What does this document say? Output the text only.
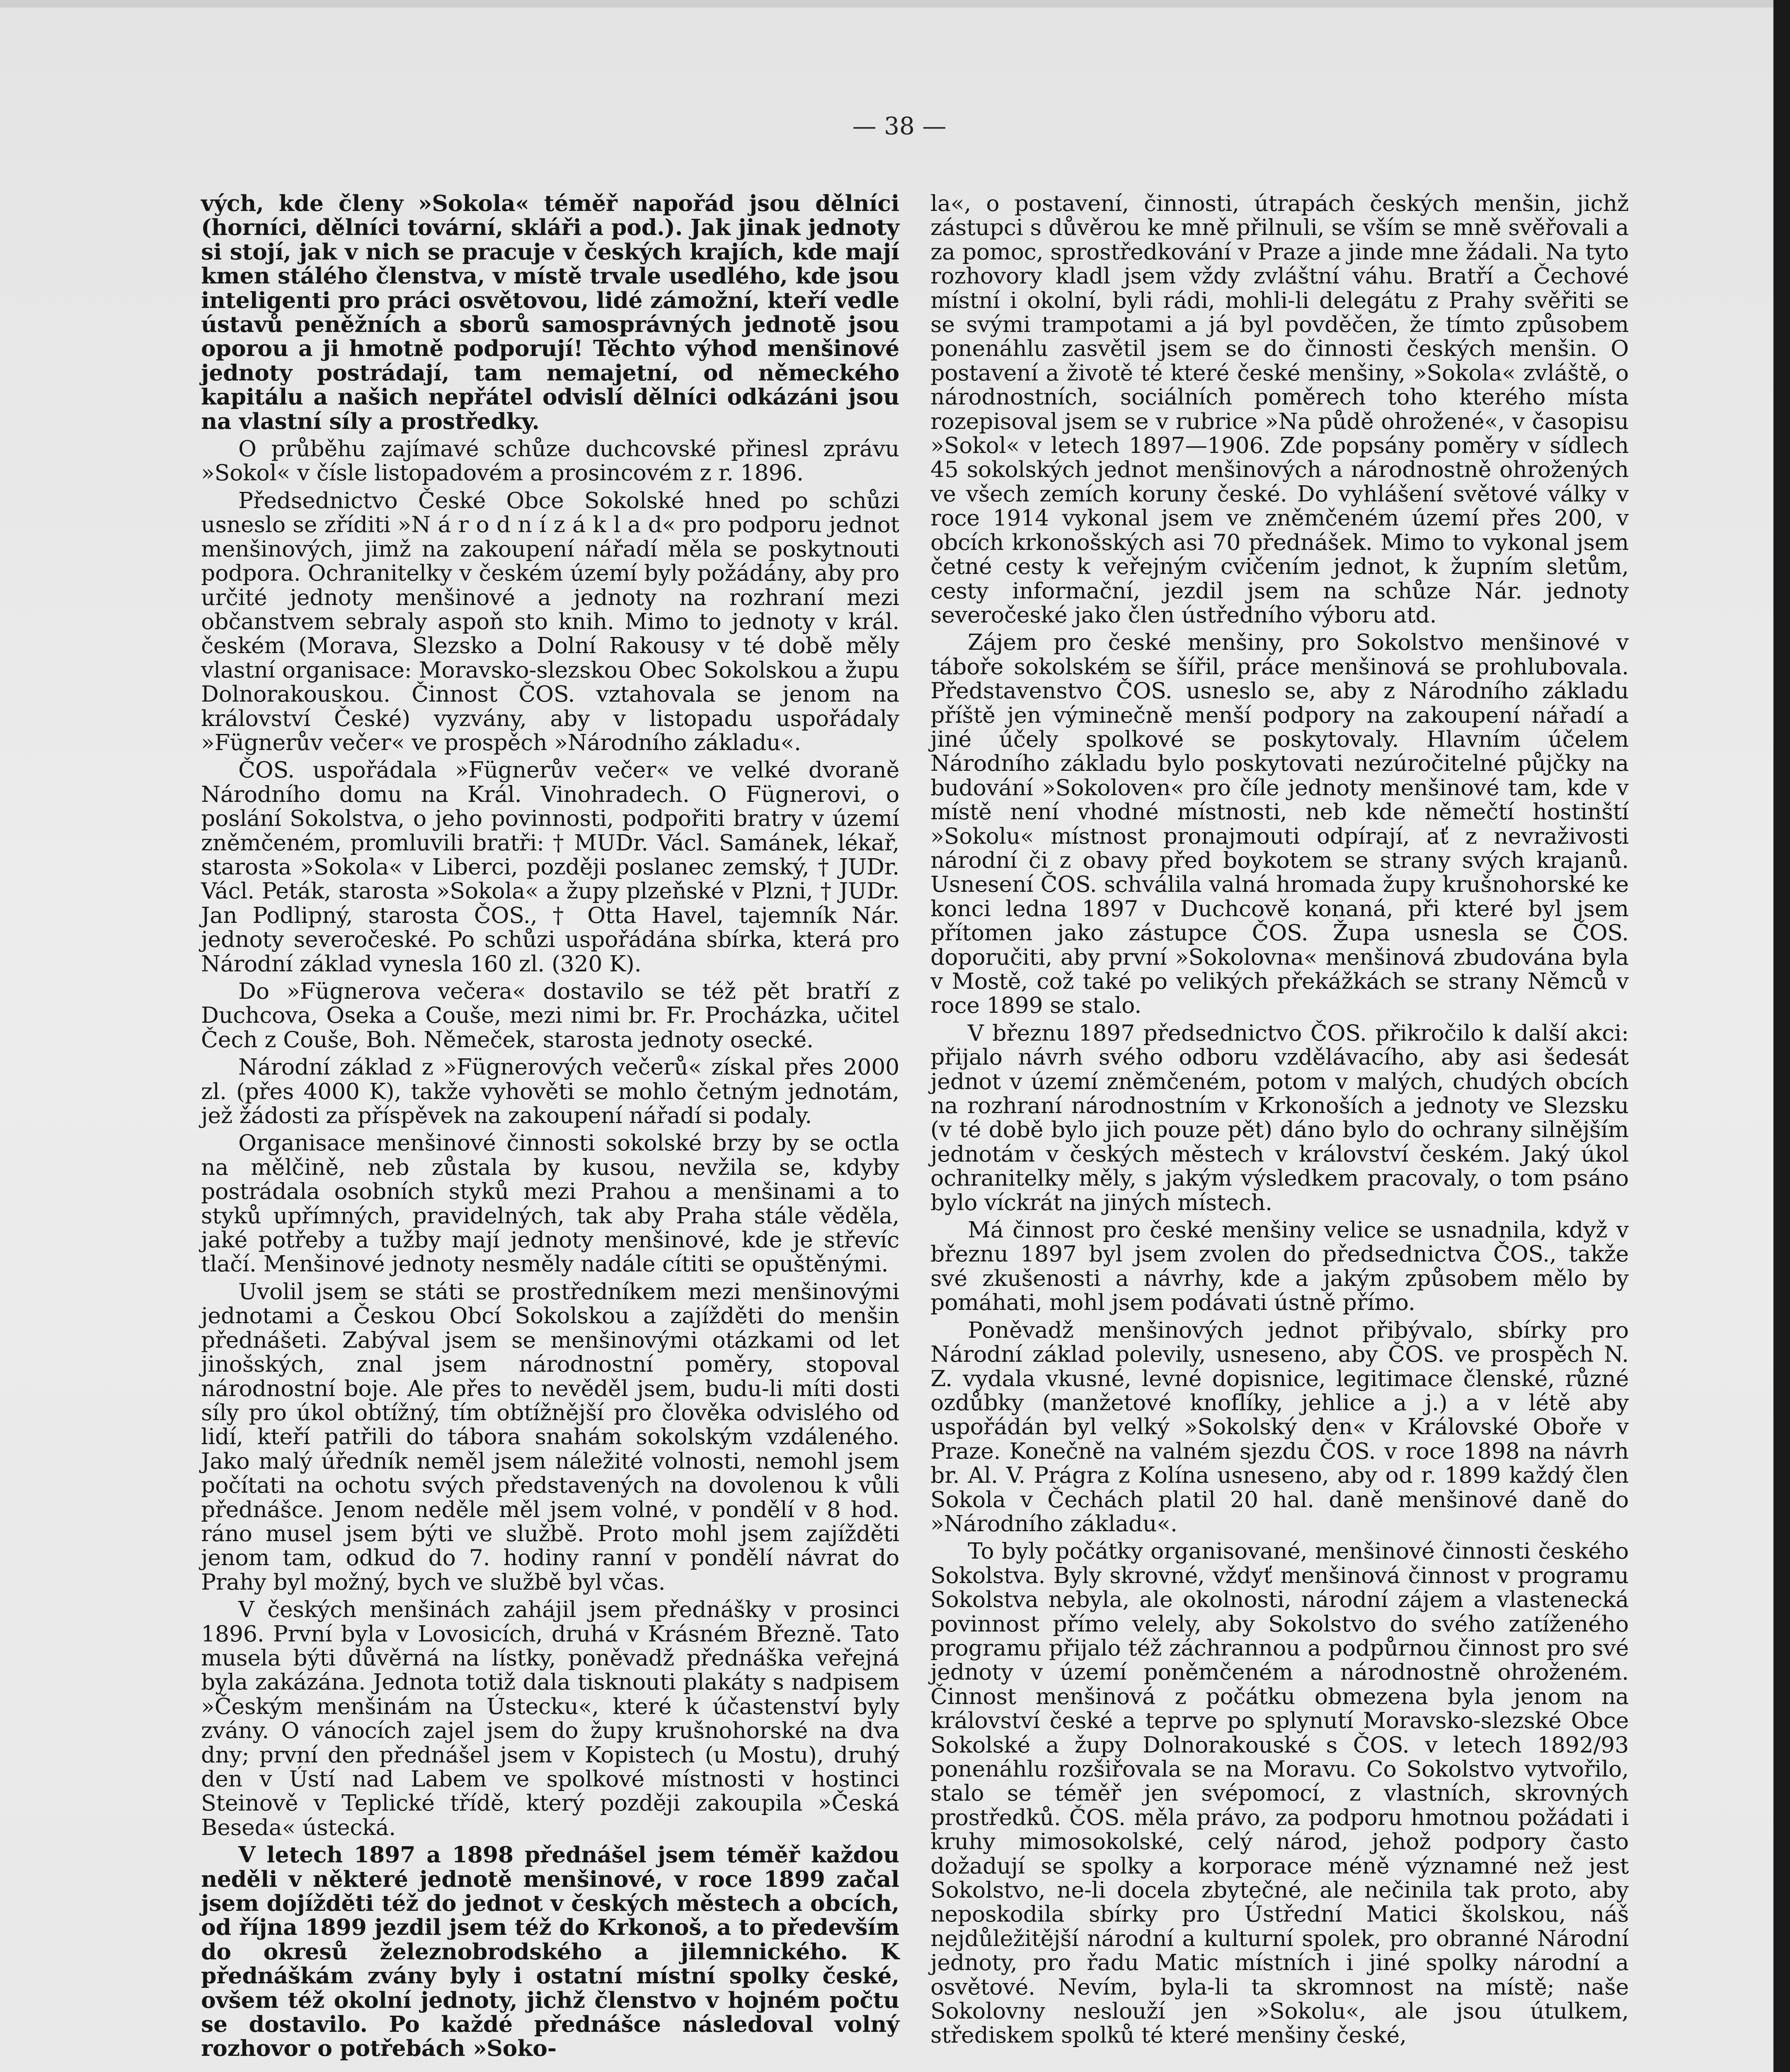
— 38 —

vých, kde členy »Sokola« téměř napořád jsou dělníci (horníci, dělníci tovární, skláři a pod.). Jak jinak jednoty si stojí, jak v nich se pracuje v českých krajích, kde mají kmen stálého členstva, v místě trvale usedlého, kde jsou inteligenti pro práci osvětovou, lidé zámožní, kteří vedle ústavů peněžních a sborů samosprávných jednotě jsou oporou a ji hmotně podporují! Těchto výhod menšinové jednoty postrádají, tam nemajetní, od německého kapitálu a našich nepřátel odvislí dělníci odkázáni jsou na vlastní síly a prostředky.

O průběhu zajímavé schůze duchcovské přinesl zprávu »Sokol« v čísle listopadovém a prosincovém z r. 1896.

Předsednictvo České Obce Sokolské hned po schůzi usneslo se zříditi »N á r o d n í z á k l a d« pro podporu jednot menšinových, jimž na zakoupení nářadí měla se poskytnouti podpora. Ochranitelky v českém území byly požádány, aby pro určité jednoty menšinové a jednoty na rozhraní mezi občanstvem sebraly aspoň sto knih. Mimo to jednoty v král. českém (Morava, Slezsko a Dolní Rakousy v té době měly vlastní organisace: Moravsko-slezskou Obec Sokolskou a župu Dolnorakouskou. Činnost ČOS. vztahovala se jenom na království České) vyzvány, aby v listopadu uspořádaly »Fügnerův večer« ve prospěch »Národního základu«.

ČOS. uspořádala »Fügnerův večer« ve velké dvoraně Národního domu na Král. Vinohradech. O Fügnerovi, o poslání Sokolstva, o jeho povinnosti, podpořiti bratry v území zněmčeném, promluvili bratři: † MUDr. Václ. Samánek, lékař, starosta »Sokola« v Liberci, později poslanec zemský, † JUDr. Václ. Peták, starosta »Sokola« a župy plzeňské v Plzni, † JUDr. Jan Podlipný, starosta ČOS., † Otta Havel, tajemník Nár. jednoty severočeské. Po schůzi uspořádána sbírka, která pro Národní základ vynesla 160 zl. (320 K).

Do »Fügnerova večera« dostavilo se též pět bratří z Duchcova, Oseka a Couše, mezi nimi br. Fr. Procházka, učitel Čech z Couše, Boh. Němeček, starosta jednoty osecké.

Národní základ z »Fügnerových večerů« získal přes 2000 zl. (přes 4000 K), takže vyhověti se mohlo četným jednotám, jež žádosti za příspěvek na zakoupení nářadí si podaly.

Organisace menšinové činnosti sokolské brzy by se octla na mělčině, neb zůstala by kusou, nevžila se, kdyby postrádala osobních styků mezi Prahou a menšinami a to styků upřímných, pravidelných, tak aby Praha stále věděla, jaké potřeby a tužby mají jednoty menšinové, kde je střevíc tlačí. Menšinové jednoty nesměly nadále cítiti se opuštěnými.

Uvolil jsem se státi se prostředníkem mezi menšinovými jednotami a Českou Obcí Sokolskou a zajížděti do menšin přednášeti. Zabýval jsem se menšinovými otázkami od let jinošských, znal jsem národnostní poměry, stopoval národnostní boje. Ale přes to nevěděl jsem, budu-li míti dosti síly pro úkol obtížný, tím obtížnější pro člověka odvislého od lidí, kteří patřili do tábora snahám sokolským vzdáleného. Jako malý úředník neměl jsem náležité volnosti, nemohl jsem počítati na ochotu svých představených na dovolenou k vůli přednášce. Jenom neděle měl jsem volné, v pondělí v 8 hod. ráno musel jsem býti ve službě. Proto mohl jsem zajížděti jenom tam, odkud do 7. hodiny ranní v pondělí návrat do Prahy byl možný, bych ve službě byl včas.

V českých menšinách zahájil jsem přednášky v prosinci 1896. První byla v Lovosicích, druhá v Krásném Březně. Tato musela býti důvěrná na lístky, poněvadž přednáška veřejná byla zakázána. Jednota totiž dala tisknouti plakáty s nadpisem »Českým menšinám na Ústecku«, které k účastenství byly zvány. O vánocích zajel jsem do župy krušnohorské na dva dny; první den přednášel jsem v Kopistech (u Mostu), druhý den v Ústí nad Labem ve spolkové místnosti v hostinci Steinově v Teplické třídě, který později zakoupila »Česká Beseda« ústecká.

V letech 1897 a 1898 přednášel jsem téměř každou neděli v některé jednotě menšinové, v roce 1899 začal jsem dojížděti též do jednot v českých městech a obcích, od října 1899 jezdil jsem též do Krkonoš, a to především do okresů železnobrodského a jilemnického. K přednáškám zvány byly i ostatní místní spolky české, ovšem též okolní jednoty, jichž členstvo v hojném počtu se dostavilo. Po každé přednášce následoval volný rozhovor o potřebách »Soko-

la«, o postavení, činnosti, útrapách českých menšin, jichž zástupci s důvěrou ke mně přilnuli, se vším se mně svěřovali a za pomoc, sprostředkování v Praze a jinde mne žádali. Na tyto rozhovory kladl jsem vždy zvláštní váhu. Bratří a Čechové místní i okolní, byli rádi, mohli-li delegátu z Prahy svěřiti se se svými trampotami a já byl povděčen, že tímto způsobem ponenáhlu zasvětil jsem se do činnosti českých menšin. O postavení a životě té které české menšiny, »Sokola« zvláště, o národnostních, sociálních poměrech toho kterého místa rozepisoval jsem se v rubrice »Na půdě ohrožené«, v časopisu »Sokol« v letech 1897—1906. Zde popsány poměry v sídlech 45 sokolských jednot menšinových a národnostně ohrožených ve všech zemích koruny české. Do vyhlášení světové války v roce 1914 vykonal jsem ve zněmčeném území přes 200, v obcích krkonošských asi 70 přednášek. Mimo to vykonal jsem četné cesty k veřejným cvičením jednot, k župním sletům, cesty informační, jezdil jsem na schůze Nár. jednoty severočeské jako člen ústředního výboru atd.

Zájem pro české menšiny, pro Sokolstvo menšinové v táboře sokolském se šířil, práce menšinová se prohlubovala. Představenstvo ČOS. usneslo se, aby z Národního základu příště jen výminečně menší podpory na zakoupení nářadí a jiné účely spolkové se poskytovaly. Hlavním účelem Národního základu bylo poskytovati nezúročitelné půjčky na budování »Sokoloven« pro číle jednoty menšinové tam, kde v místě není vhodné místnosti, neb kde němečtí hostinští »Sokolu« místnost pronajmouti odpírají, ať z nevraživosti národní či z obavy před boykotem se strany svých krajanů. Usnesení ČOS. schválila valná hromada župy krušnohorské ke konci ledna 1897 v Duchcově konaná, při které byl jsem přítomen jako zástupce ČOS. Župa usnesla se ČOS. doporučiti, aby první »Sokolovna« menšinová zbudována byla v Mostě, což také po velikých překážkách se strany Němců v roce 1899 se stalo.

V březnu 1897 předsednictvo ČOS. přikročilo k další akci: přijalo návrh svého odboru vzdělávacího, aby asi šedesát jednot v území zněmčeném, potom v malých, chudých obcích na rozhraní národnostním v Krkonoších a jednoty ve Slezsku (v té době bylo jich pouze pět) dáno bylo do ochrany silnějším jednotám v českých městech v království českém. Jaký úkol ochranitelky měly, s jakým výsledkem pracovaly, o tom psáno bylo víckrát na jiných místech.

Má činnost pro české menšiny velice se usnadnila, když v březnu 1897 byl jsem zvolen do předsednictva ČOS., takže své zkušenosti a návrhy, kde a jakým způsobem mělo by pomáhati, mohl jsem podávati ústně přímo.

Poněvadž menšinových jednot přibývalo, sbírky pro Národní základ polevily, usneseno, aby ČOS. ve prospěch N. Z. vydala vkusné, levné dopisnice, legitimace členské, různé ozdůbky (manžetové knoflíky, jehlice a j.) a v létě aby uspořádán byl velký »Sokolský den« v Královské Oboře v Praze. Konečně na valném sjezdu ČOS. v roce 1898 na návrh br. Al. V. Prágra z Kolína usneseno, aby od r. 1899 každý člen Sokola v Čechách platil 20 hal. daně menšinové daně do »Národního základu«.

To byly počátky organisované, menšinové činnosti českého Sokolstva. Byly skrovné, vždyť menšinová činnost v programu Sokolstva nebyla, ale okolnosti, národní zájem a vlastenecká povinnost přímo velely, aby Sokolstvo do svého zatíženého programu přijalo též záchrannou a podpůrnou činnost pro své jednoty v území poněmčeném a národnostně ohroženém. Činnost menšinová z počátku obmezena byla jenom na království české a teprve po splynutí Moravsko-slezské Obce Sokolské a župy Dolnorakouské s ČOS. v letech 1892/93 ponenáhlu rozšiřovala se na Moravu. Co Sokolstvo vytvořilo, stalo se téměř jen svépomocí, z vlastních, skrovných prostředků. ČOS. měla právo, za podporu hmotnou požádati i kruhy mimosokolské, celý národ, jehož podpory často dožadují se spolky a korporace méně významné než jest Sokolstvo, ne-li docela zbytečné, ale nečinila tak proto, aby neposkodila sbírky pro Ústřední Matici školskou, náš nejdůležitější národní a kulturní spolek, pro obranné Národní jednoty, pro řadu Matic místních i jiné spolky národní a osvětové. Nevím, byla-li ta skromnost na místě; naše Sokolovny neslouží jen »Sokolu«, ale jsou útulkem, střediskem spolků té které menšiny české,
